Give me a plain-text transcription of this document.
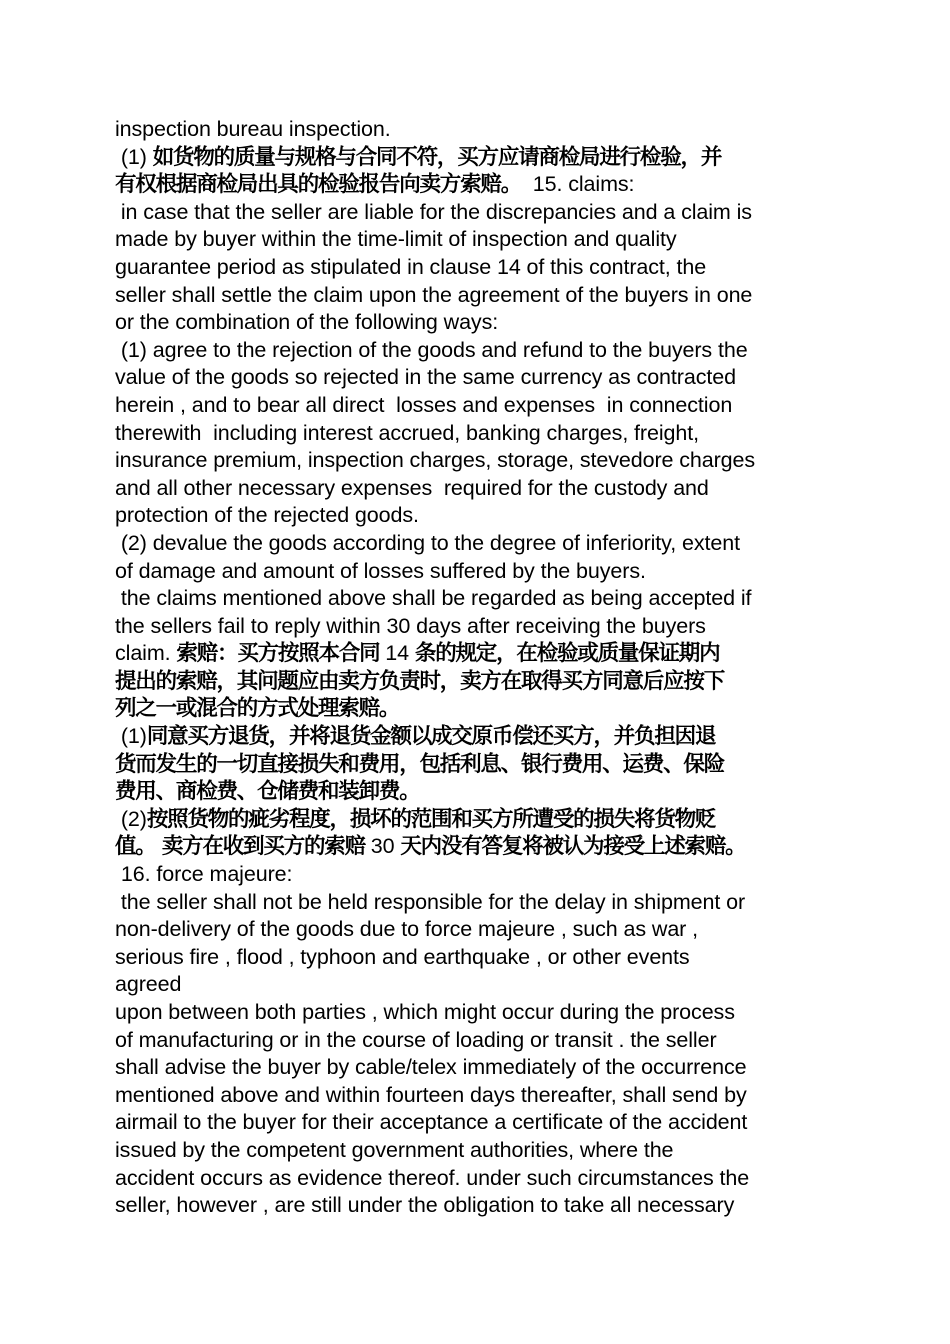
inspection bureau inspection.
(1) 如货物的质量与规格与合同不符，买方应请商检局进行检验，并
有权根据商检局出具的检验报告向卖方索赔。  15. claims:
in case that the seller are liable for the discrepancies and a claim is
made by buyer within the time-limit of inspection and quality
guarantee period as stipulated in clause 14 of this contract, the
seller shall settle the claim upon the agreement of the buyers in one
or the combination of the following ways:
(1) agree to the rejection of the goods and refund to the buyers the
value of the goods so rejected in the same currency as contracted
herein , and to bear all direct  losses and expenses  in connection
therewith  including interest accrued, banking charges, freight,
insurance premium, inspection charges, storage, stevedore charges
and all other necessary expenses  required for the custody and
protection of the rejected goods.
(2) devalue the goods according to the degree of inferiority, extent
of damage and amount of losses suffered by the buyers.
the claims mentioned above shall be regarded as being accepted if
the sellers fail to reply within 30 days after receiving the buyers
claim. 索赔：买方按照本合同 14 条的规定，在检验或质量保证期内
提出的索赔，其问题应由卖方负责时，卖方在取得买方同意后应按下
列之一或混合的方式处理索赔。
(1)同意买方退货，并将退货金额以成交原币偿还买方，并负担因退
货而发生的一切直接损失和费用，包括利息、银行费用、运费、保险
费用、商检费、仓储费和装卸费。
(2)按照货物的疵劣程度，损坏的范围和买方所遭受的损失将货物贬
值。 卖方在收到买方的索赔 30 天内没有答复将被认为接受上述索赔。
16. force majeure:
the seller shall not be held responsible for the delay in shipment or
non-delivery of the goods due to force majeure , such as war ,
serious fire , flood , typhoon and earthquake , or other events
agreed
upon between both parties , which might occur during the process
of manufacturing or in the course of loading or transit . the seller
shall advise the buyer by cable/telex immediately of the occurrence
mentioned above and within fourteen days thereafter, shall send by
airmail to the buyer for their acceptance a certificate of the accident
issued by the competent government authorities, where the
accident occurs as evidence thereof. under such circumstances the
seller, however , are still under the obligation to take all necessary
